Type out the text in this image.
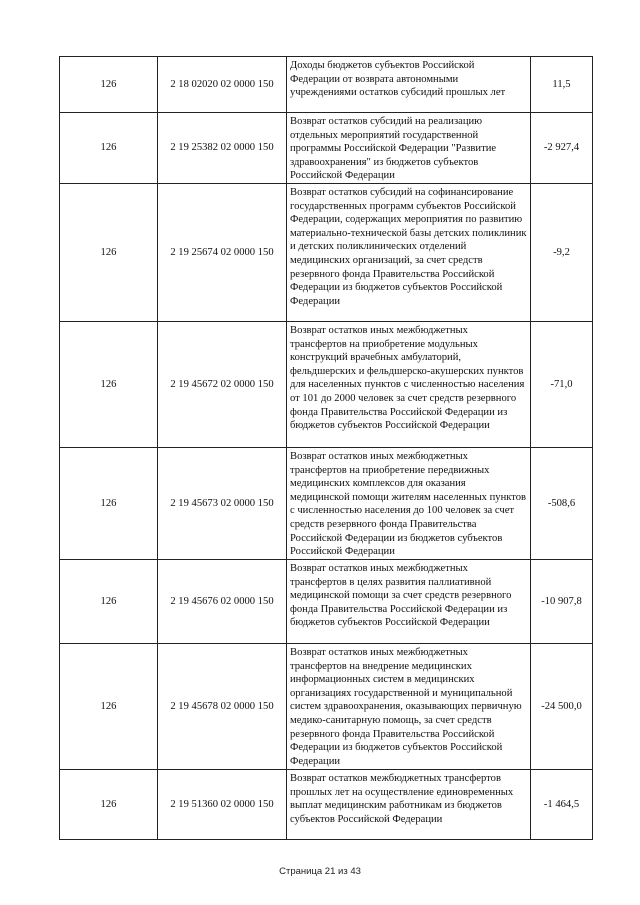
126	2 18 02020 02 0000 150	Доходы бюджетов субъектов Российской Федерации от возврата автономными учреждениями остатков субсидий прошлых лет	11,5
126	2 19 25382 02 0000 150	Возврат остатков субсидий на реализацию отдельных мероприятий государственной программы Российской Федерации "Развитие здравоохранения" из бюджетов субъектов Российской Федерации	-2 927,4
126	2 19 25674 02 0000 150	Возврат остатков субсидий на софинансирование государственных программ субъектов Российской Федерации, содержащих мероприятия по развитию материально-технической базы детских поликлиник и детских поликлинических отделений медицинских организаций, за счет средств резервного фонда Правительства Российской Федерации из бюджетов субъектов Российской Федерации	-9,2
126	2 19 45672 02 0000 150	Возврат остатков иных межбюджетных трансфертов на приобретение модульных конструкций врачебных амбулаторий, фельдшерских и фельдшерско-акушерских пунктов для населенных пунктов с численностью населения от 101 до 2000 человек за счет средств резервного фонда Правительства Российской Федерации из бюджетов субъектов Российской Федерации	-71,0
126	2 19 45673 02 0000 150	Возврат остатков иных межбюджетных трансфертов на приобретение передвижных медицинских комплексов для оказания медицинской помощи жителям населенных пунктов с численностью населения до 100 человек за счет средств резервного фонда Правительства Российской Федерации из бюджетов субъектов Российской Федерации	-508,6
126	2 19 45676 02 0000 150	Возврат остатков иных межбюджетных трансфертов в целях развития паллиативной медицинской помощи за счет средств резервного фонда Правительства Российской Федерации из бюджетов субъектов Российской Федерации	-10 907,8
126	2 19 45678 02 0000 150	Возврат остатков иных межбюджетных трансфертов на внедрение медицинских информационных систем в медицинских организациях государственной и муниципальной систем здравоохранения, оказывающих первичную медико-санитарную помощь, за счет средств резервного фонда Правительства Российской Федерации из бюджетов субъектов Российской Федерации	-24 500,0
126	2 19 51360 02 0000 150	Возврат остатков межбюджетных трансфертов прошлых лет на осуществление единовременных выплат медицинским работникам из бюджетов субъектов Российской Федерации	-1 464,5
Страница 21 из 43
